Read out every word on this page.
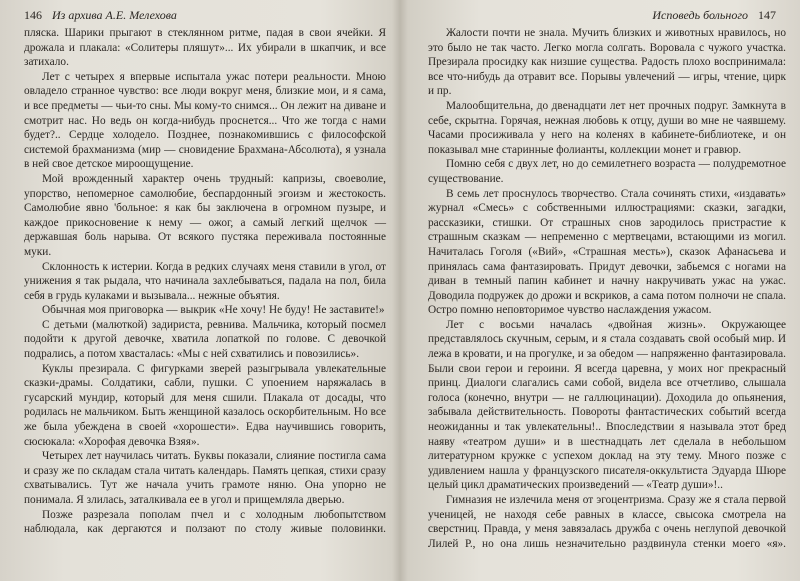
146 Из архива А.Е. Мелехова

пляска. Шарики прыгают в стеклянном ритме, падая в свои ячейки. Я дрожала и плакала: «Солитеры пляшут»... Их убирали в шкапчик, и все затихало.

Лет с четырех я впервые испытала ужас потери реальности. Мною овладело странное чувство: все люди вокруг меня, близкие мои, и я сама, и все предметы — чьи-то сны. Мы кому-то снимся... Он лежит на диване и смотрит нас. Но ведь он когда-нибудь проснется... Что же тогда с нами будет?.. Сердце холодело. Позднее, познакомившись с философской системой брахманизма (мир — сновидение Брахмана-Абсолюта), я узнала в ней свое детское мироощущение.

Мой врожденный характер очень трудный: капризы, своеволие, упорство, непомерное самолюбие, беспардонный эгоизм и жестокость. Самолюбие явно 'больное: я как бы заключена в огромном пузыре, и каждое прикосновение к нему — ожог, а самый легкий щелчок — державшая боль нарыва. От всякого пустяка переживала постоянные муки.

Склонность к истерии. Когда в редких случаях меня ставили в угол, от унижения я так рыдала, что начинала захлебываться, падала на пол, била себя в грудь кулаками и вызывала... нежные объятия.

Обычная моя приговорка — выкрик «Не хочу! Не буду! Не заставите!»

С детьми (малюткой) задириста, ревнива. Мальчика, который посмел подойти к другой девочке, хватила лопаткой по голове. С девочкой подрались, а потом хвасталась: «Мы с ней схватились и повозились».

Куклы презирала. С фигурками зверей разыгрывала увлекательные сказки-драмы. Солдатики, сабли, пушки. С упоением наряжалась в гусарский мундир, который для меня сшили. Плакала от досады, что родилась не мальчиком. Быть женщиной казалось оскорбительным. Но все же была убеждена в своей «хорошести». Едва научившись говорить, сюсюкала: «Хорофая девочка Взяя».

Четырех лет научилась читать. Буквы показали, слияние постигла сама и сразу же по складам стала читать календарь. Память цепкая, стихи сразу схватывались. Тут же начала учить грамоте няню. Она упорно не понимала. Я злилась, заталкивала ее в угол и прищемляла дверью.

Позже разрезала пополам пчел и с холодным любопытством наблюдала, как дергаются и ползают по столу живые половинки.

Исповедь больного 147

Жалости почти не знала. Мучить близких и животных нравилось, но это было не так часто. Легко могла солгать. Воровала с чужого участка. Презирала просидку как низшие существа. Радость плохо воспринимала: все что-нибудь да отравит все. Порывы увлечений — игры, чтение, цирк и пр.

Малообщительна, до двенадцати лет нет прочных подруг. Замкнута в себе, скрытна. Горячая, нежная любовь к отцу, души во мне не чаявшему. Часами просиживала у него на коленях в кабинете-библиотеке, и он показывал мне старинные фолианты, коллекции монет и гравюр.

Помню себя с двух лет, но до семилетнего возраста — полудремотное существование.

В семь лет проснулось творчество. Стала сочинять стихи, «издавать» журнал «Смесь» с собственными иллюстрациями: сказки, загадки, рассказики, стишки. От страшных снов зародилось пристрастие к страшным сказкам — непременно с мертвецами, встающими из могил. Начиталась Гоголя («Вий», «Страшная месть»), сказок Афанасьева и принялась сама фантазировать. Придут девочки, забьемся с ногами на диван в темный папин кабинет и начну накручивать ужас на ужас. Доводила подружек до дрожи и вскриков, а сама потом полночи не спала. Остро помню неповторимое чувство наслаждения ужасом.

Лет с восьми началась «двойная жизнь». Окружающее представлялось скучным, серым, и я стала создавать свой особый мир. И лежа в кровати, и на прогулке, и за обедом — напряженно фантазировала. Были свои герои и героини. Я всегда царевна, у моих ног прекрасный принц. Диалоги слагались сами собой, видела все отчетливо, слышала голоса (конечно, внутри — не галлюцинации). Доходила до опьянения, забывала действительность. Повороты фантастических событий всегда неожиданны и так увлекательны!.. Впоследствии я называла этот бред наяву «театром души» и в шестнадцать лет сделала в небольшом литературном кружке с успехом доклад на эту тему. Много позже с удивлением нашла у французского писателя-оккультиста Эдуарда Шюре целый цикл драматических произведений — «Театр души»!..

Гимназия не излечила меня от эгоцентризма. Сразу же я стала первой ученицей, не находя себе равных в классе, свысока смотрела на сверстниц. Правда, у меня завязалась дружба с очень неглупой девочкой Лилей Р., но она лишь незначительно раздвинула стенки моего «я».
